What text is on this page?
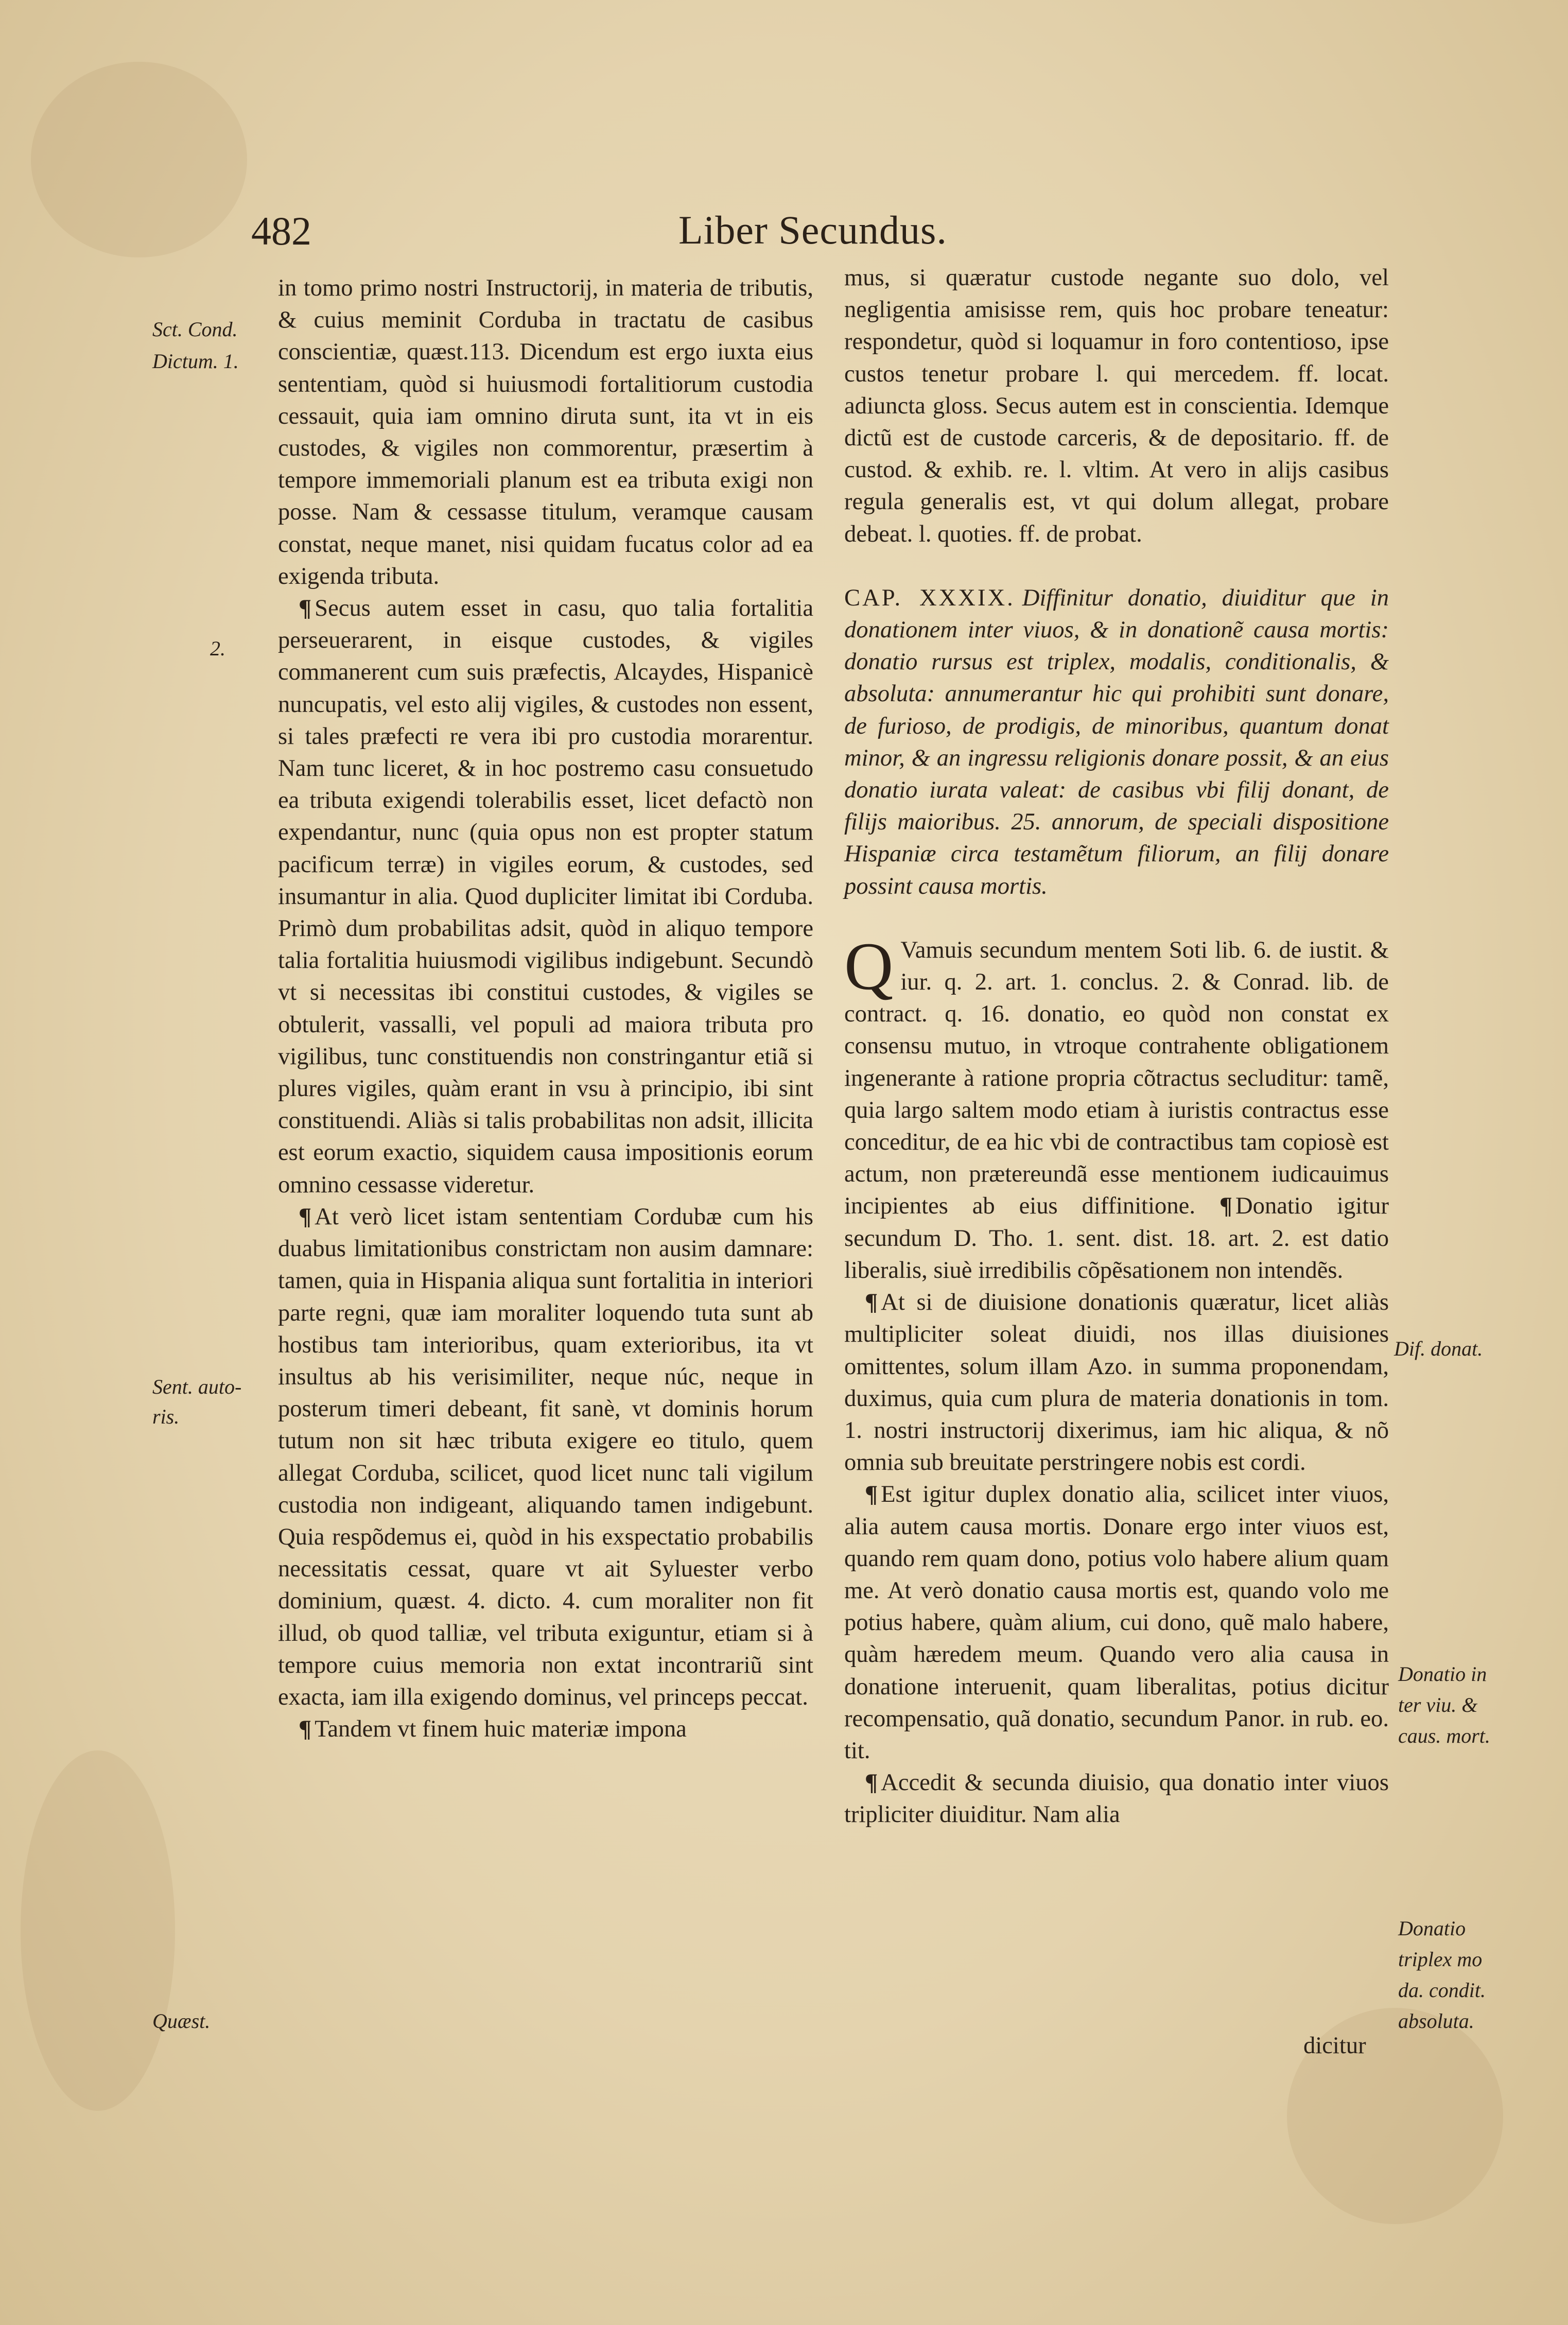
482	Liber Secundus.

in tomo primo nostri Instructorij, in materia de tributis, & cuius meminit Corduba in tractatu de casibus conscientiæ, quæst.113. Dicendum est ergo iuxta eius sententiam, quòd si huiusmodi fortalitiorum custodia cessauit, quia iam omnino diruta sunt, ita vt in eis custodes, & vigiles non commorentur, præsertim à tempore immemoriali planum est ea tributa exigi non posse. Nam & cessasse titulum, veramque causam constat, neque manet, nisi quidam fucatus color ad ea exigenda tributa.

¶ Secus autem esset in casu, quo talia fortalitia perseuerarent, in eisque custodes, & vigiles commanerent cum suis præfectis, Alcaydes, Hispanicè nuncupatis, vel esto alij vigiles, & custodes non essent, si tales præfecti re vera ibi pro custodia morarentur. Nam tunc liceret, & in hoc postremo casu consuetudo ea tributa exigendi tolerabilis esset, licet defactò non expendantur, nunc (quia opus non est propter statum pacificum terræ) in vigiles eorum, & custodes, sed insumantur in alia. Quod dupliciter limitat ibi Corduba. Primò dum probabilitas adsit, quòd in aliquo tempore talia fortalitia huiusmodi vigilibus indigebunt. Secundò vt si necessitas ibi constitui custodes, & vigiles se obtulerit, vassalli, vel populi ad maiora tributa pro vigilibus, tunc constituendis non constringantur etiã si plures vigiles, quàm erant in vsu à principio, ibi sint constituendi. Aliàs si talis probabilitas non adsit, illicita est eorum exactio, siquidem causa impositionis eorum omnino cessasse videretur.

¶ At verò licet istam sententiam Cordubæ cum his duabus limitationibus constrictam non ausim damnare: tamen, quia in Hispania aliqua sunt fortalitia in interiori parte regni, quæ iam moraliter loquendo tuta sunt ab hostibus tam interioribus, quam exterioribus, ita vt insultus ab his verisimiliter, neque núc, neque in posterum timeri debeant, fit sanè, vt dominis horum tutum non sit hæc tributa exigere eo titulo, quem allegat Corduba, scilicet, quod licet nunc tali vigilum custodia non indigeant, aliquando tamen indigebunt. Quia respõdemus ei, quòd in his exspectatio probabilis necessitatis cessat, quare vt ait Syluester verbo dominium, quæst. 4. dicto. 4. cum moraliter non fit illud, ob quod talliæ, vel tributa exiguntur, etiam si à tempore cuius memoria non extat incontrariũ sint exacta, iam illa exigendo dominus, vel princeps peccat.

¶ Tandem vt finem huic materiæ impona

mus, si quæratur custode negante suo dolo, vel negligentia amisisse rem, quis hoc probare teneatur: respondetur, quòd si loquamur in foro contentioso, ipse custos tenetur probare l. qui mercedem. ff. locat. adiuncta gloss. Secus autem est in conscientia. Idemque dictũ est de custode carceris, & de depositario. ff. de custod. & exhib. re. l. vltim. At vero in alijs casibus regula generalis est, vt qui dolum allegat, probare debeat. l. quoties. ff. de probat.

CAP. XXXIX. Diffinitur donatio, diuiditur que in donationem inter viuos, & in donationẽ causa mortis: donatio rursus est triplex, modalis, conditionalis, & absoluta: annumerantur hic qui prohibiti sunt donare, de furioso, de prodigis, de minoribus, quantum donat minor, & an ingressu religionis donare possit, & an eius donatio iurata valeat: de casibus vbi filij donant, de filijs maioribus. 25. annorum, de speciali dispositione Hispaniæ circa testamẽtum filiorum, an filij donare possint causa mortis.
Q Vamuis secundum mentem Soti lib. 6. de iustit. & iur. q. 2. art. 1. conclus. 2. & Conrad. lib. de contract. q. 16. donatio, eo quòd non constat ex consensu mutuo, in vtroque contrahente obligationem ingenerante à ratione propria cõtractus secluditur: tamẽ, quia largo saltem modo etiam à iuristis contractus esse conceditur, de ea hic vbi de contractibus tam copiosè est actum, non prætereundã esse mentionem iudicauimus incipientes ab eius diffinitione. ¶ Donatio igitur secundum D. Tho. 1. sent. dist. 18. art. 2. est datio liberalis, siuè irredibilis cõpẽsationem non intendẽs.

¶ At si de diuisione donationis quæratur, licet aliàs multipliciter soleat diuidi, nos illas diuisiones omittentes, solum illam Azo. in summa proponendam, duximus, quia cum plura de materia donationis in tom. 1. nostri instructorij dixerimus, iam hic aliqua, & nõ omnia sub breuitate perstringere nobis est cordi.

¶ Est igitur duplex donatio alia, scilicet inter viuos, alia autem causa mortis. Donare ergo inter viuos est, quando rem quam dono, potius volo habere alium quam me. At verò donatio causa mortis est, quando volo me potius habere, quàm alium, cui dono, quẽ malo habere, quàm hæredem meum. Quando vero alia causa in donatione interuenit, quam liberalitas, potius dicitur recompensatio, quã donatio, secundum Panor. in rub. eo. tit.

¶ Accedit & secunda diuisio, qua donatio inter viuos tripliciter diuiditur. Nam alia

dicitur
Sct. Cond.
Dictum. 1.
2.
Sent. auto-
ris.
Quæst.
Dif. donat.
Donatio in
ter viu. &
caus. mort.
Donatio
triplex mo
da. condit.
absoluta.
